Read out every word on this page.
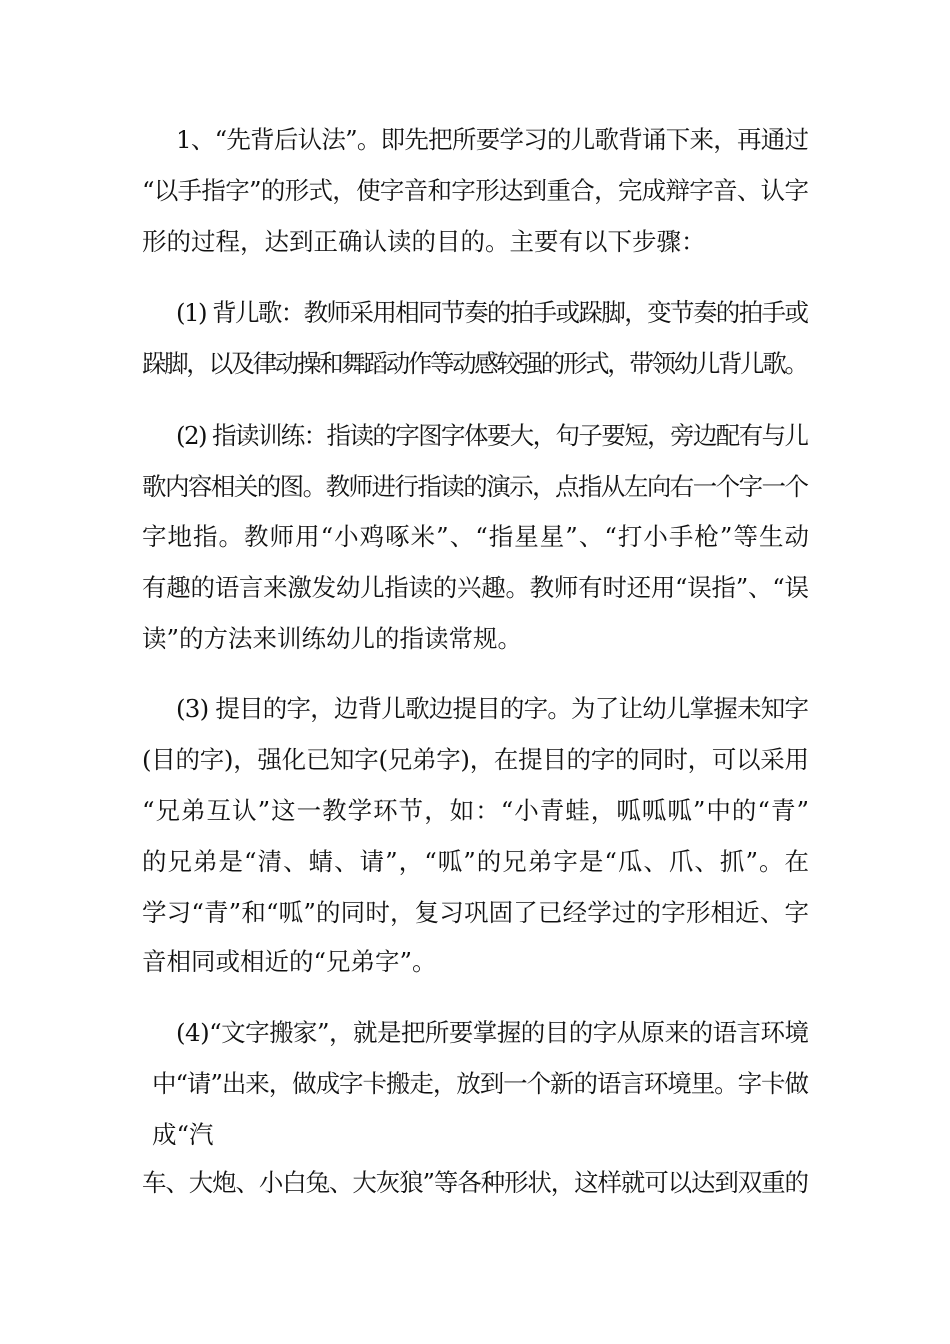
1、“先背后认法”。即先把所要学习的儿歌背诵下来，再通过
“以手指字”的形式，使字音和字形达到重合，完成辩字音、认字
形的过程，达到正确认读的目的。主要有以下步骤：
(1) 背儿歌：教师采用相同节奏的拍手或跺脚，变节奏的拍手或
跺脚，以及律动操和舞蹈动作等动感较强的形式，带领幼儿背儿歌。
(2) 指读训练：指读的字图字体要大，句子要短，旁边配有与儿
歌内容相关的图。教师进行指读的演示，点指从左向右一个字一个
字地指。教师用“小鸡啄米”、“指星星”、“打小手枪”等生动
有趣的语言来激发幼儿指读的兴趣。教师有时还用“误指”、“误
读”的方法来训练幼儿的指读常规。
(3) 提目的字，边背儿歌边提目的字。为了让幼儿掌握未知字
(目的字)，强化已知字(兄弟字)，在提目的字的同时，可以采用
“兄弟互认”这一教学环节，如：“小青蛙，呱呱呱”中的“青”
的兄弟是“清、蜻、请”，“呱”的兄弟字是“瓜、爪、抓”。在
学习“青”和“呱”的同时，复习巩固了已经学过的字形相近、字
音相同或相近的“兄弟字”。
(4)“文字搬家”，就是把所要掌握的目的字从原来的语言环境
中“请”出来，做成字卡搬走，放到一个新的语言环境里。字卡做
成“汽
车、大炮、小白兔、大灰狼”等各种形状，这样就可以达到双重的
